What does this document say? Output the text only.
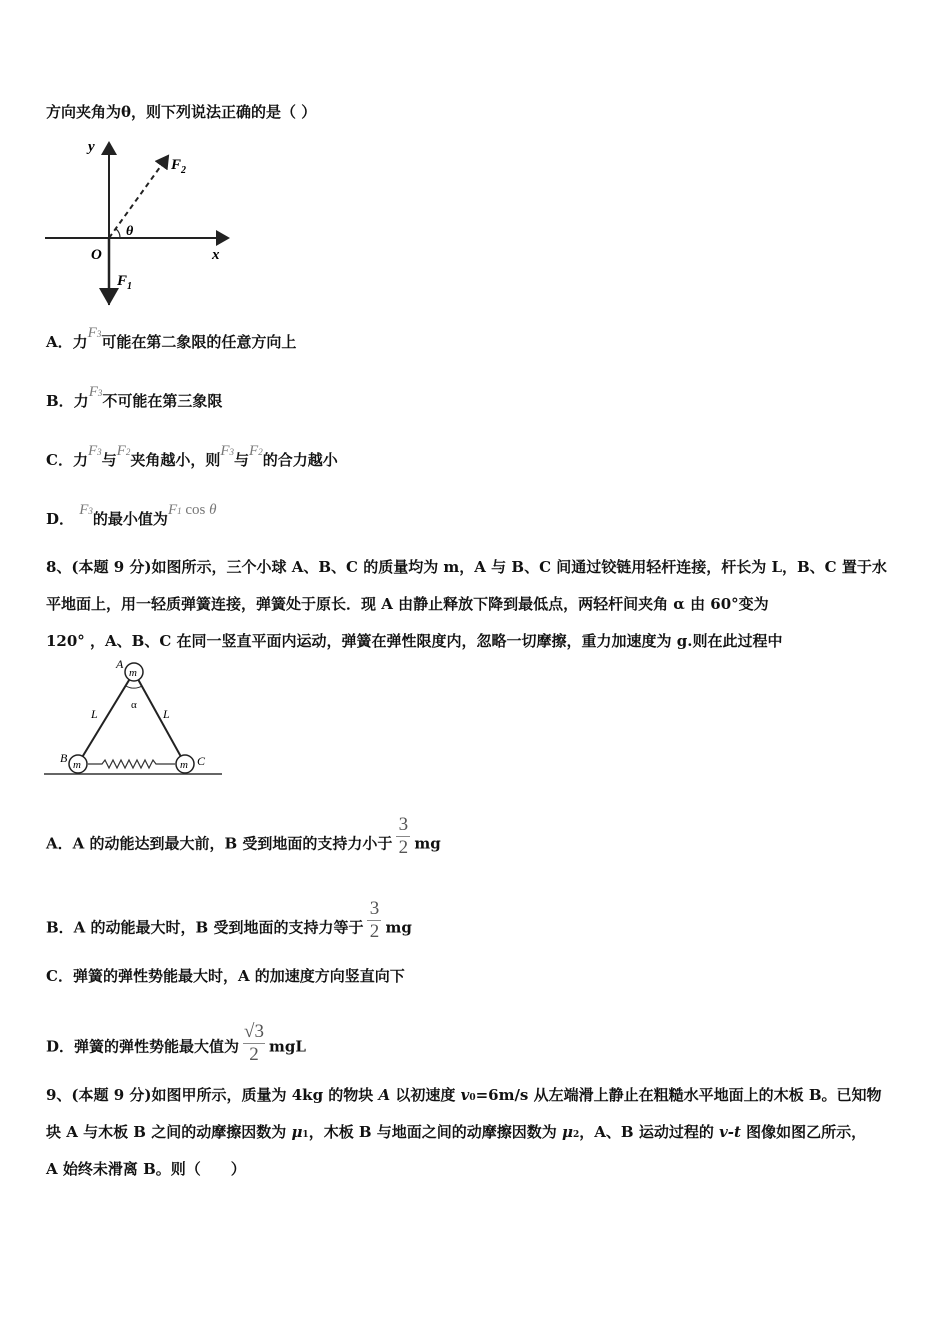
方向夹角为θ，则下列说法正确的是（ ）
y
x
O
θ
$F_2$
$F_1$
A．力F3可能在第二象限的任意方向上
B．力F3不可能在第三象限
C．力F3与F2夹角越小，则F3与F2的合力越小
D． F3的最小值为F1 cos θ
8、(本题 9 分)如图所示，三个小球 A、B、C 的质量均为 m，A 与 B、C 间通过铰链用轻杆连接，杆长为 L，B、C 置于水
平地面上，用一轻质弹簧连接，弹簧处于原长．现 A 由静止释放下降到最低点，两轻杆间夹角 α 由 60°变为
120° ，A、B、C 在同一竖直平面内运动，弹簧在弹性限度内，忽略一切摩擦，重力加速度为 g.则在此过程中
m
m	m
A
B	C
L	L
α
A．A 的动能达到最大前，B 受到地面的支持力小于 $\frac{3}{2}$ mg
B．A 的动能最大时，B 受到地面的支持力等于 $\frac{3}{2}$ mg
C．弹簧的弹性势能最大时，A 的加速度方向竖直向下
D．弹簧的弹性势能最大值为 $\frac{√3}{2}$ mgL
9、(本题 9 分)如图甲所示，质量为 4kg 的物块 A 以初速度 v0=6m/s 从左端滑上静止在粗糙水平地面上的木板 B。已知物
块 A 与木板 B 之间的动摩擦因数为 μ1，木板 B 与地面之间的动摩擦因数为 μ2，A、B 运动过程的 v-t 图像如图乙所示，
A 始终未滑离 B。则（　　）
